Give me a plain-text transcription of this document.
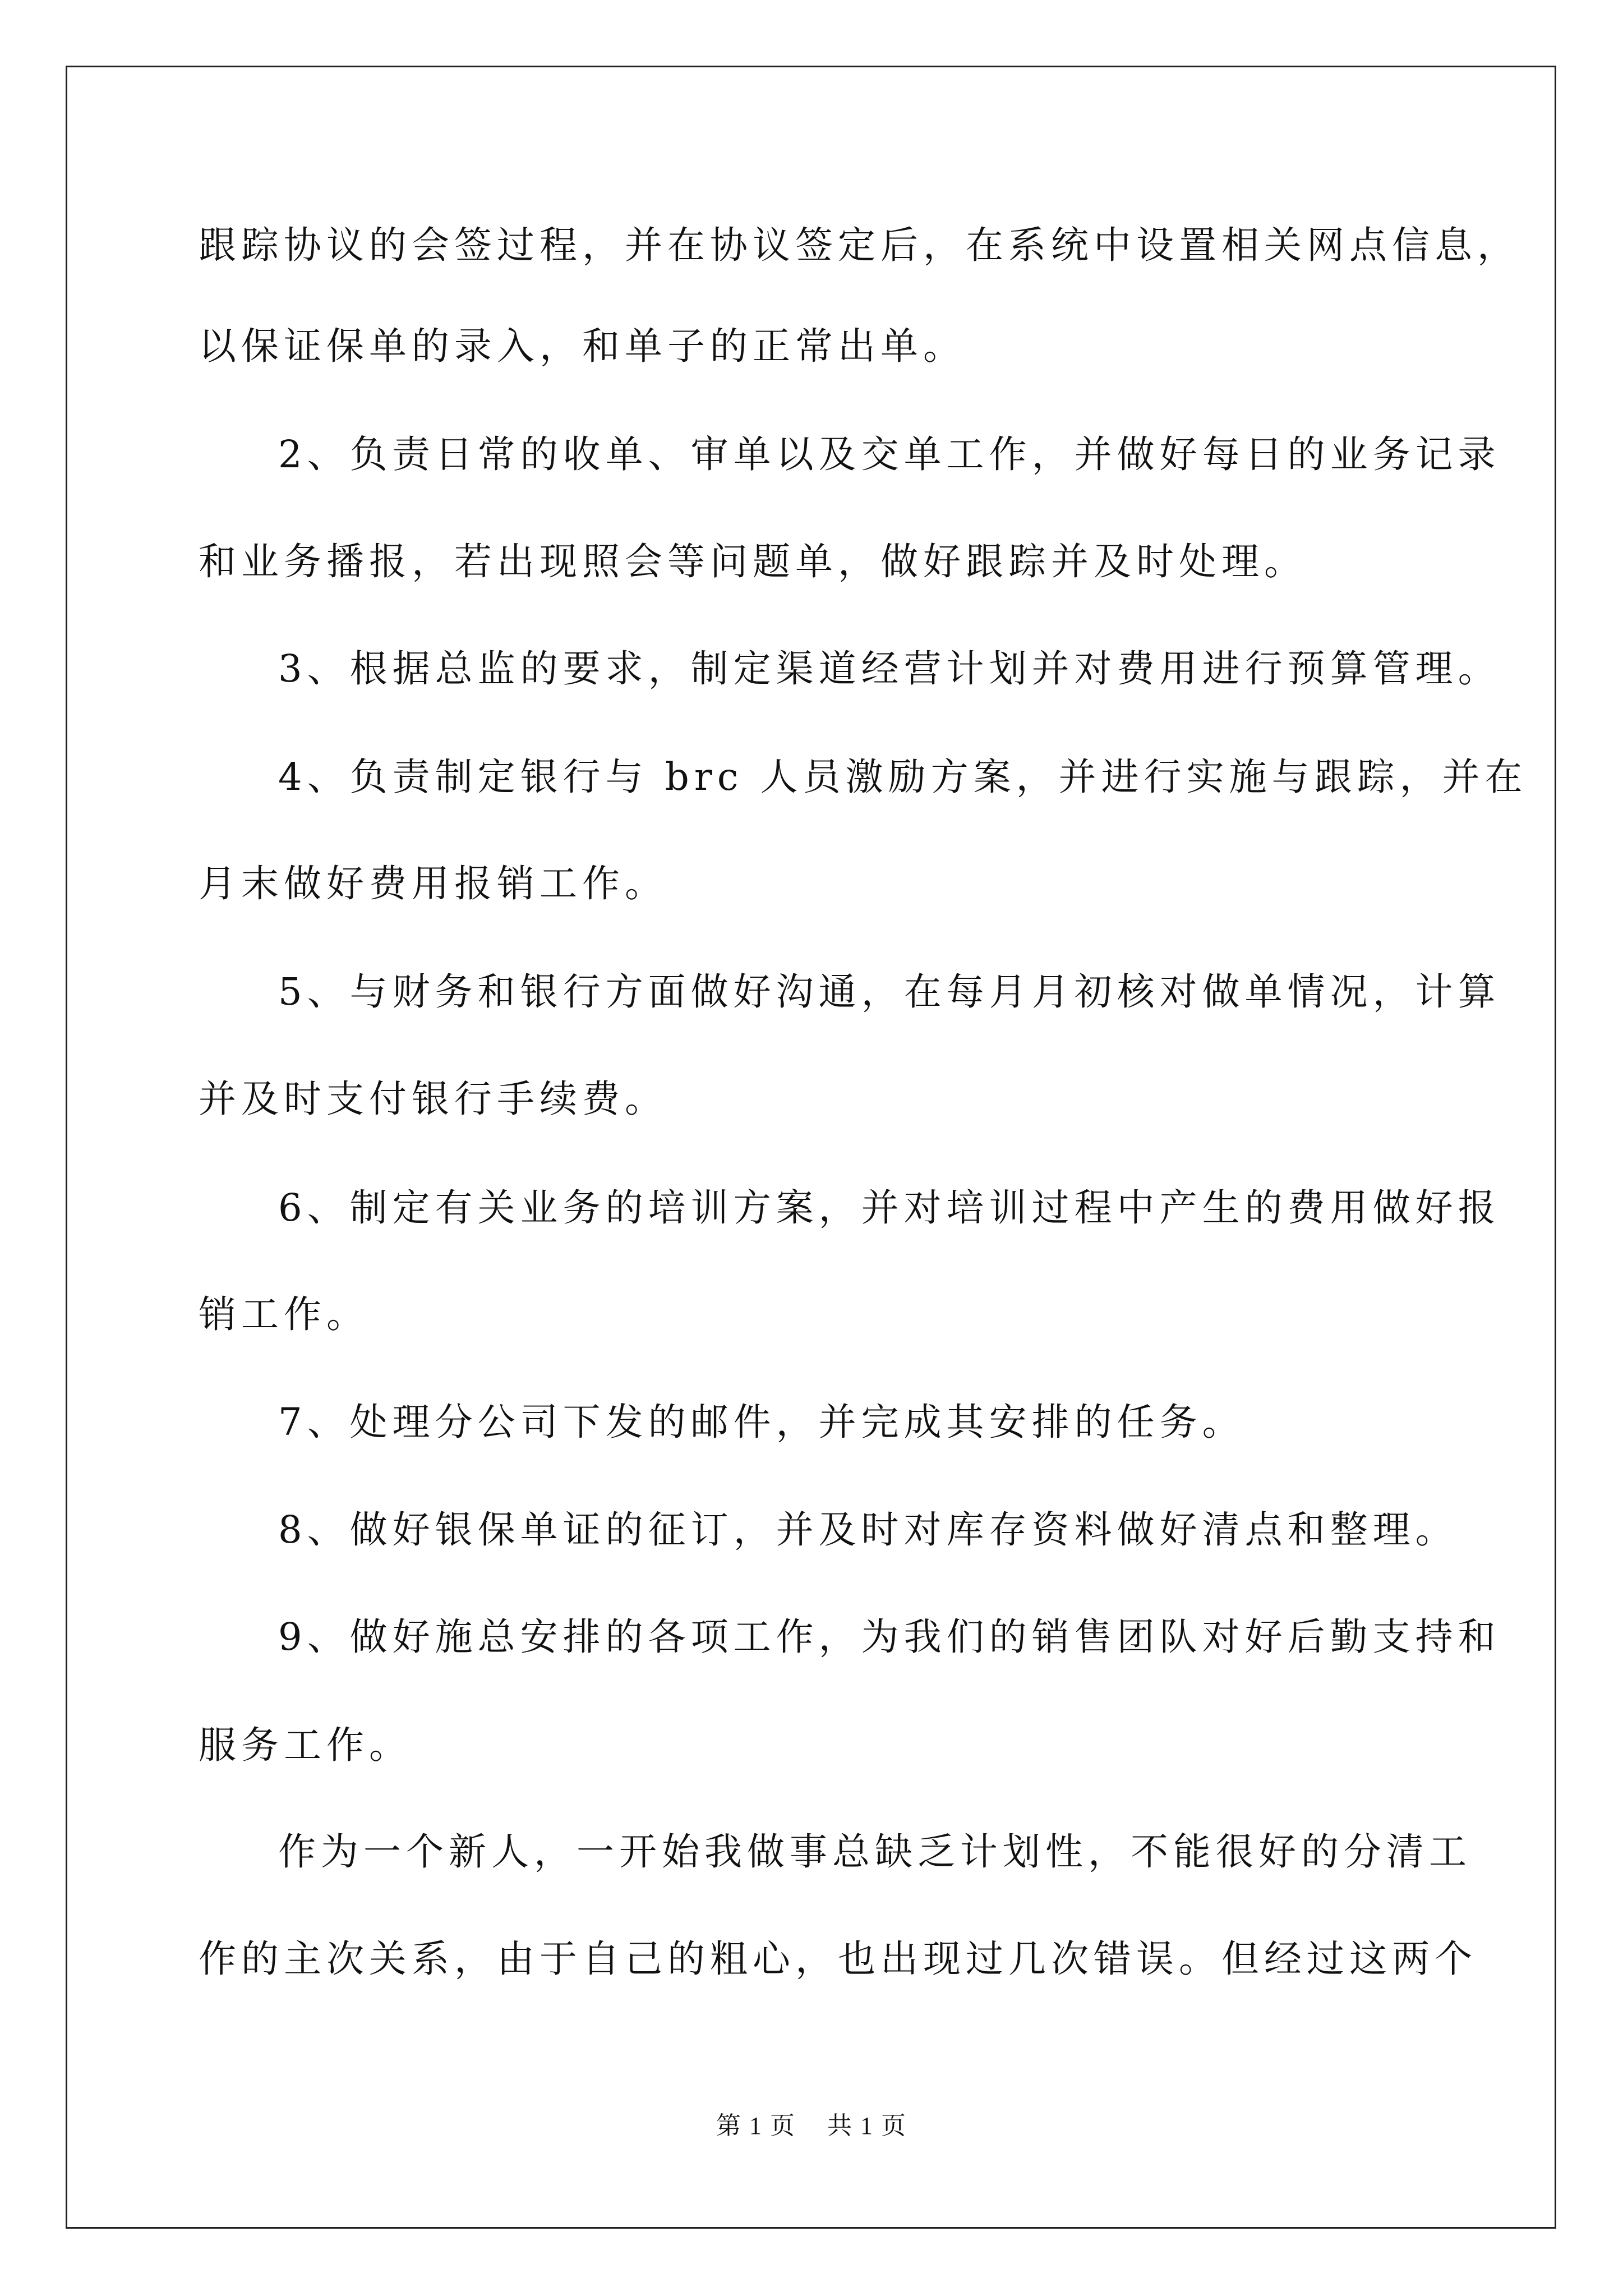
跟踪协议的会签过程，并在协议签定后，在系统中设置相关网点信息，
以保证保单的录入，和单子的正常出单。
2、负责日常的收单、审单以及交单工作，并做好每日的业务记录
和业务播报，若出现照会等问题单，做好跟踪并及时处理。
3、根据总监的要求，制定渠道经营计划并对费用进行预算管理。
4、负责制定银行与 brc 人员激励方案，并进行实施与跟踪，并在
月末做好费用报销工作。
5、与财务和银行方面做好沟通，在每月月初核对做单情况，计算
并及时支付银行手续费。
6、制定有关业务的培训方案，并对培训过程中产生的费用做好报
销工作。
7、处理分公司下发的邮件，并完成其安排的任务。
8、做好银保单证的征订，并及时对库存资料做好清点和整理。
9、做好施总安排的各项工作，为我们的销售团队对好后勤支持和
服务工作。
作为一个新人，一开始我做事总缺乏计划性，不能很好的分清工
作的主次关系，由于自己的粗心，也出现过几次错误。但经过这两个
第 1 页 共 1 页
